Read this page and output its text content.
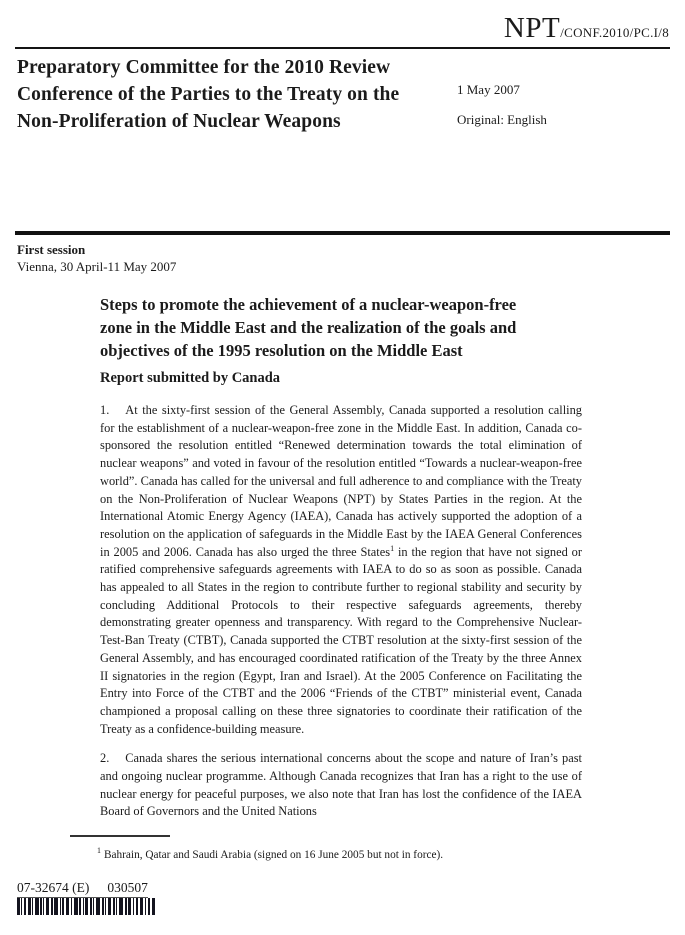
NPT/CONF.2010/PC.I/8
Preparatory Committee for the 2010 Review
Conference of the Parties to the Treaty on the
Non-Proliferation of Nuclear Weapons
1 May 2007
Original: English
First session
Vienna, 30 April-11 May 2007
Steps to promote the achievement of a nuclear-weapon-free
zone in the Middle East and the realization of the goals and
objectives of the 1995 resolution on the Middle East
Report submitted by Canada

1. At the sixty-first session of the General Assembly, Canada supported a resolution calling for the establishment of a nuclear-weapon-free zone in the Middle East. In addition, Canada co-sponsored the resolution entitled “Renewed determination towards the total elimination of nuclear weapons” and voted in favour of the resolution entitled “Towards a nuclear-weapon-free world”. Canada has called for the universal and full adherence to and compliance with the Treaty on the Non-Proliferation of Nuclear Weapons (NPT) by States Parties in the region. At the International Atomic Energy Agency (IAEA), Canada has actively supported the adoption of a resolution on the application of safeguards in the Middle East by the IAEA General Conferences in 2005 and 2006. Canada has also urged the three States$^1$ in the region that have not signed or ratified comprehensive safeguards agreements with IAEA to do so as soon as possible. Canada has appealed to all States in the region to contribute further to regional stability and security by concluding Additional Protocols to their respective safeguards agreements, thereby demonstrating greater openness and transparency. With regard to the Comprehensive Nuclear-Test-Ban Treaty (CTBT), Canada supported the CTBT resolution at the sixty-first session of the General Assembly, and has encouraged coordinated ratification of the Treaty by the three Annex II signatories in the region (Egypt, Iran and Israel). At the 2005 Conference on Facilitating the Entry into Force of the CTBT and the 2006 “Friends of the CTBT” ministerial event, Canada championed a proposal calling on these three signatories to coordinate their ratification of the Treaty as a confidence-building measure.

2. Canada shares the serious international concerns about the scope and nature of Iran’s past and ongoing nuclear programme. Although Canada recognizes that Iran has a right to the use of nuclear energy for peaceful purposes, we also note that Iran has lost the confidence of the IAEA Board of Governors and the United Nations

$^1$ Bahrain, Qatar and Saudi Arabia (signed on 16 June 2005 but not in force).
07-32674 (E) 030507
